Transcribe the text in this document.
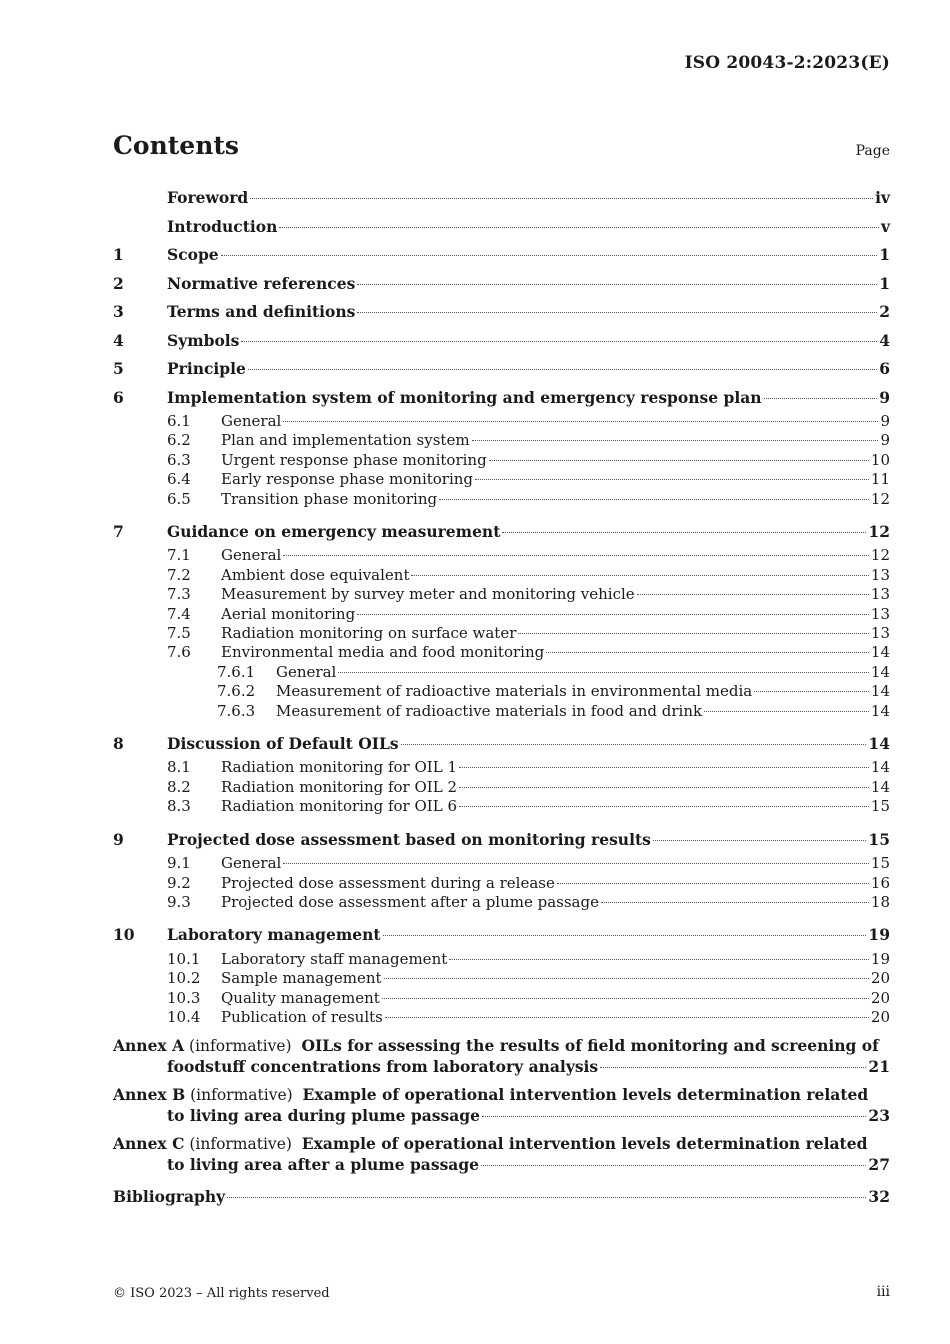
ISO 20043-2:2023(E)
Contents	Page
Foreword	iv
Introduction	v
1	Scope	1
2	Normative references	1
3	Terms and definitions	2
4	Symbols	4
5	Principle	6
6	Implementation system of monitoring and emergency response plan	9
6.1	General	9
6.2	Plan and implementation system	9
6.3	Urgent response phase monitoring	10
6.4	Early response phase monitoring	11
6.5	Transition phase monitoring	12
7	Guidance on emergency measurement	12
7.1	General	12
7.2	Ambient dose equivalent	13
7.3	Measurement by survey meter and monitoring vehicle	13
7.4	Aerial monitoring	13
7.5	Radiation monitoring on surface water	13
7.6	Environmental media and food monitoring	14
7.6.1	General	14
7.6.2	Measurement of radioactive materials in environmental media	14
7.6.3	Measurement of radioactive materials in food and drink	14
8	Discussion of Default OILs	14
8.1	Radiation monitoring for OIL 1	14
8.2	Radiation monitoring for OIL 2	14
8.3	Radiation monitoring for OIL 6	15
9	Projected dose assessment based on monitoring results	15
9.1	General	15
9.2	Projected dose assessment during a release	16
9.3	Projected dose assessment after a plume passage	18
10	Laboratory management	19
10.1	Laboratory staff management	19
10.2	Sample management	20
10.3	Quality management	20
10.4	Publication of results	20
Annex A (informative) OILs for assessing the results of field monitoring and screening of
foodstuff concentrations from laboratory analysis	21
Annex B (informative) Example of operational intervention levels determination related
to living area during plume passage	23
Annex C (informative) Example of operational intervention levels determination related
to living area after a plume passage	27
Bibliography	32
© ISO 2023 – All rights reserved	iii
